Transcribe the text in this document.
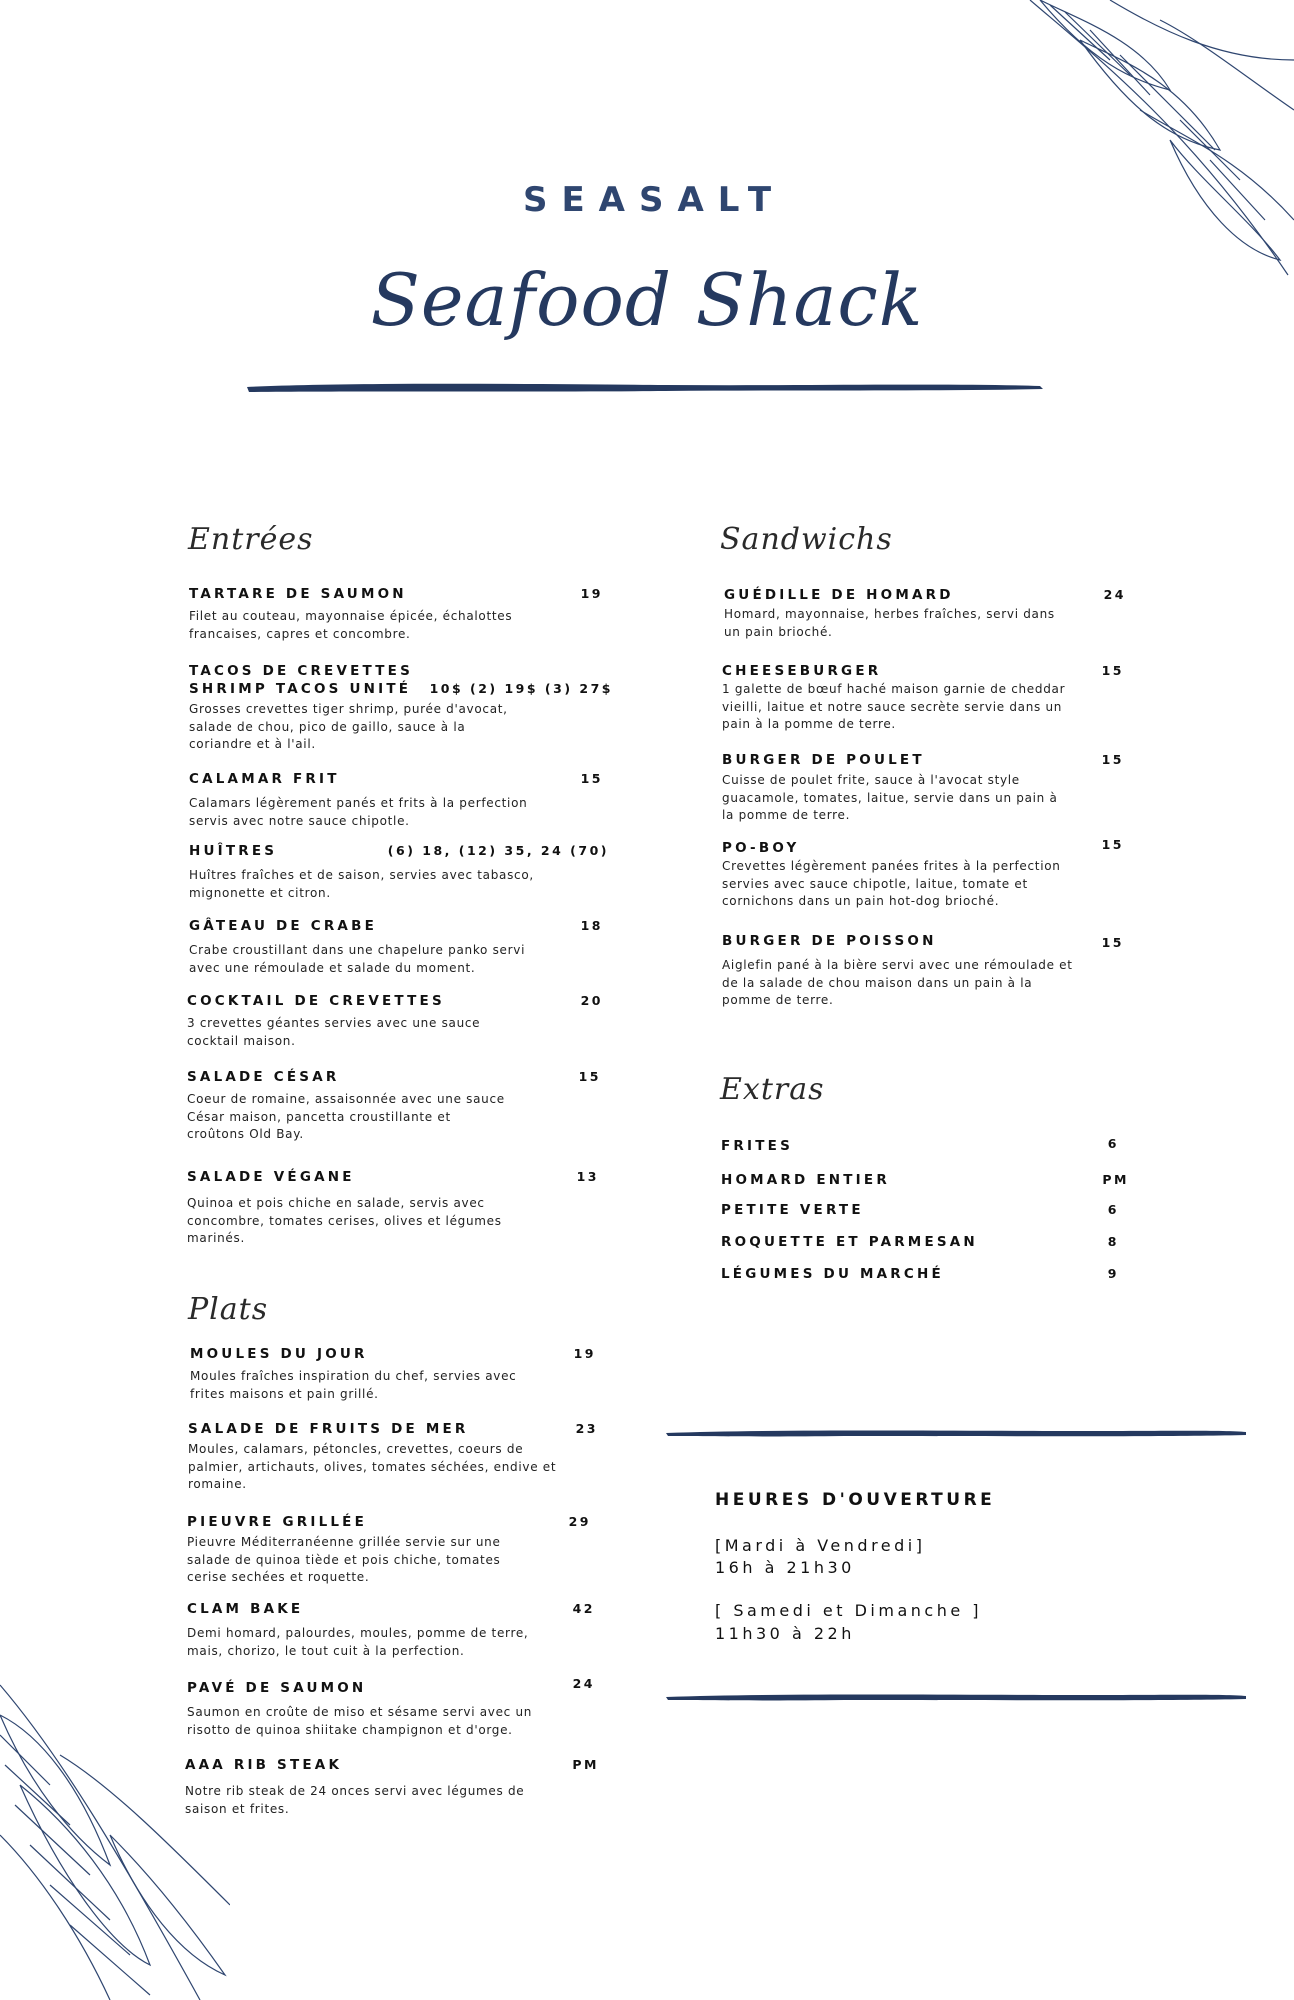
SEASALT
Seafood Shack
Entrées
Plats
Sandwichs
Extras
TARTARE DE SAUMON	19
Filet au couteau, mayonnaise épicée, échalottes francaises, capres et concombre.
TACOS DE CREVETTES
SHRIMP TACOS UNITÉ 10$ (2) 19$ (3) 27$
Grosses crevettes tiger shrimp, purée d'avocat, salade de chou, pico de gaillo, sauce à la coriandre et à l'ail.
CALAMAR FRIT	15
Calamars légèrement panés et frits à la perfection servis avec notre sauce chipotle.
HUÎTRES	(6) 18, (12) 35, 24 (70)
Huîtres fraîches et de saison, servies avec tabasco, mignonette et citron.
GÂTEAU DE CRABE	18
Crabe croustillant dans une chapelure panko servi avec une rémoulade et salade du moment.
COCKTAIL DE CREVETTES	20
3 crevettes géantes servies avec une sauce cocktail maison.
SALADE CÉSAR	15
Coeur de romaine, assaisonnée avec une sauce César maison, pancetta croustillante et croûtons Old Bay.
SALADE VÉGANE	13
Quinoa et pois chiche en salade, servis avec concombre, tomates cerises, olives et légumes marinés.
MOULES DU JOUR	19
Moules fraîches inspiration du chef, servies avec frites maisons et pain grillé.
SALADE DE FRUITS DE MER	23
Moules, calamars, pétoncles, crevettes, coeurs de palmier, artichauts, olives, tomates séchées, endive et romaine.
PIEUVRE GRILLÉE	29
Pieuvre Méditerranéenne grillée servie sur une salade de quinoa tiède et pois chiche, tomates cerise sechées et roquette.
CLAM BAKE	42
Demi homard, palourdes, moules, pomme de terre, mais, chorizo, le tout cuit à la perfection.
PAVÉ DE SAUMON	24
Saumon en croûte de miso et sésame servi avec un risotto de quinoa shiitake champignon et d'orge.
AAA RIB STEAK	PM
Notre rib steak de 24 onces servi avec légumes de saison et frites.
GUÉDILLE DE HOMARD	24
Homard, mayonnaise, herbes fraîches, servi dans un pain brioché.
CHEESEBURGER	15
1 galette de bœuf haché maison garnie de cheddar vieilli, laitue et notre sauce secrète servie dans un pain à la pomme de terre.
BURGER DE POULET	15
Cuisse de poulet frite, sauce à l'avocat style guacamole, tomates, laitue, servie dans un pain à la pomme de terre.
PO-BOY	15
Crevettes légèrement panées frites à la perfection servies avec sauce chipotle, laitue, tomate et cornichons dans un pain hot-dog brioché.
BURGER DE POISSON	15
Aiglefin pané à la bière servi avec une rémoulade et de la salade de chou maison dans un pain à la pomme de terre.
FRITES	6
HOMARD ENTIER	PM
PETITE VERTE	6
ROQUETTE ET PARMESAN	8
LÉGUMES DU MARCHÉ	9
HEURES D'OUVERTURE
[Mardi à Vendredi]
16h à 21h30
[ Samedi et Dimanche ]
11h30 à 22h
